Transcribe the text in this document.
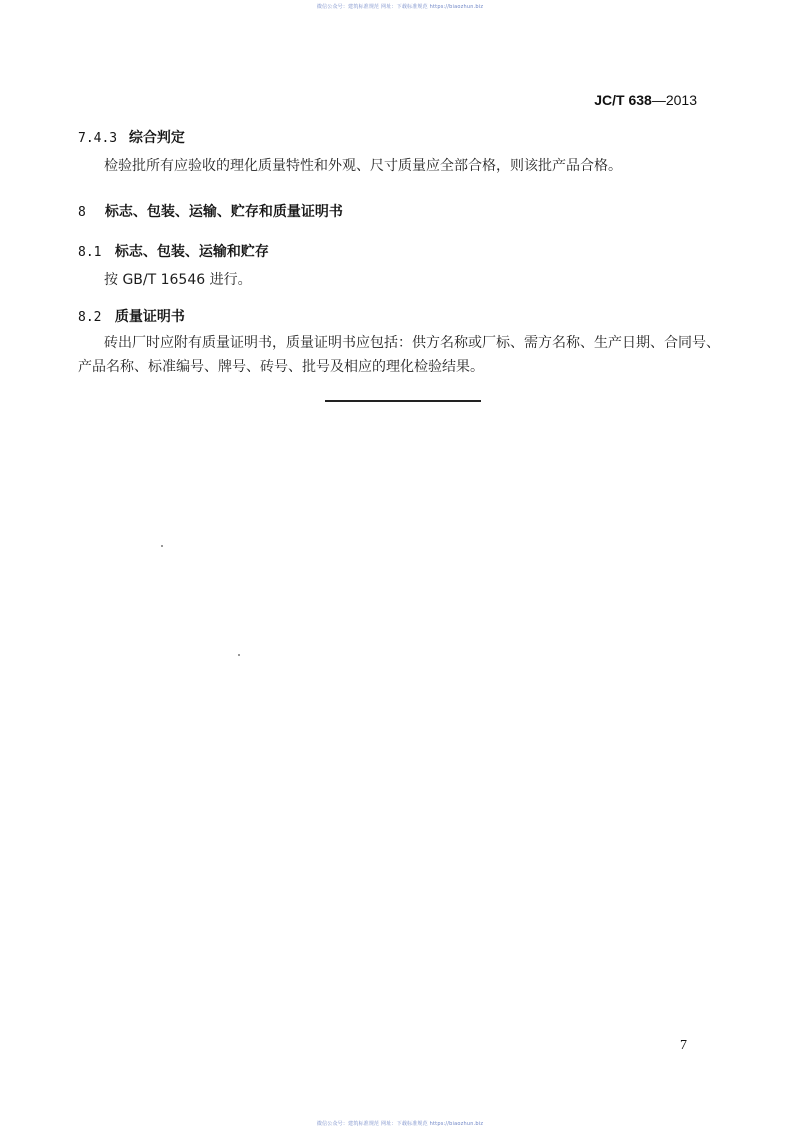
微信公众号：建筑标准规范 网址：下载标准规范 https://biaozhun.biz
JC/T 638—2013
7.4.3 综合判定
检验批所有应验收的理化质量特性和外观、尺寸质量应全部合格，则该批产品合格。
8 标志、包装、运输、贮存和质量证明书
8.1 标志、包装、运输和贮存
按 GB/T 16546 进行。
8.2 质量证明书
砖出厂时应附有质量证明书，质量证明书应包括：供方名称或厂标、需方名称、生产日期、合同号、
产品名称、标准编号、牌号、砖号、批号及相应的理化检验结果。
7
微信公众号：建筑标准规范 网址：下载标准规范 https://biaozhun.biz
